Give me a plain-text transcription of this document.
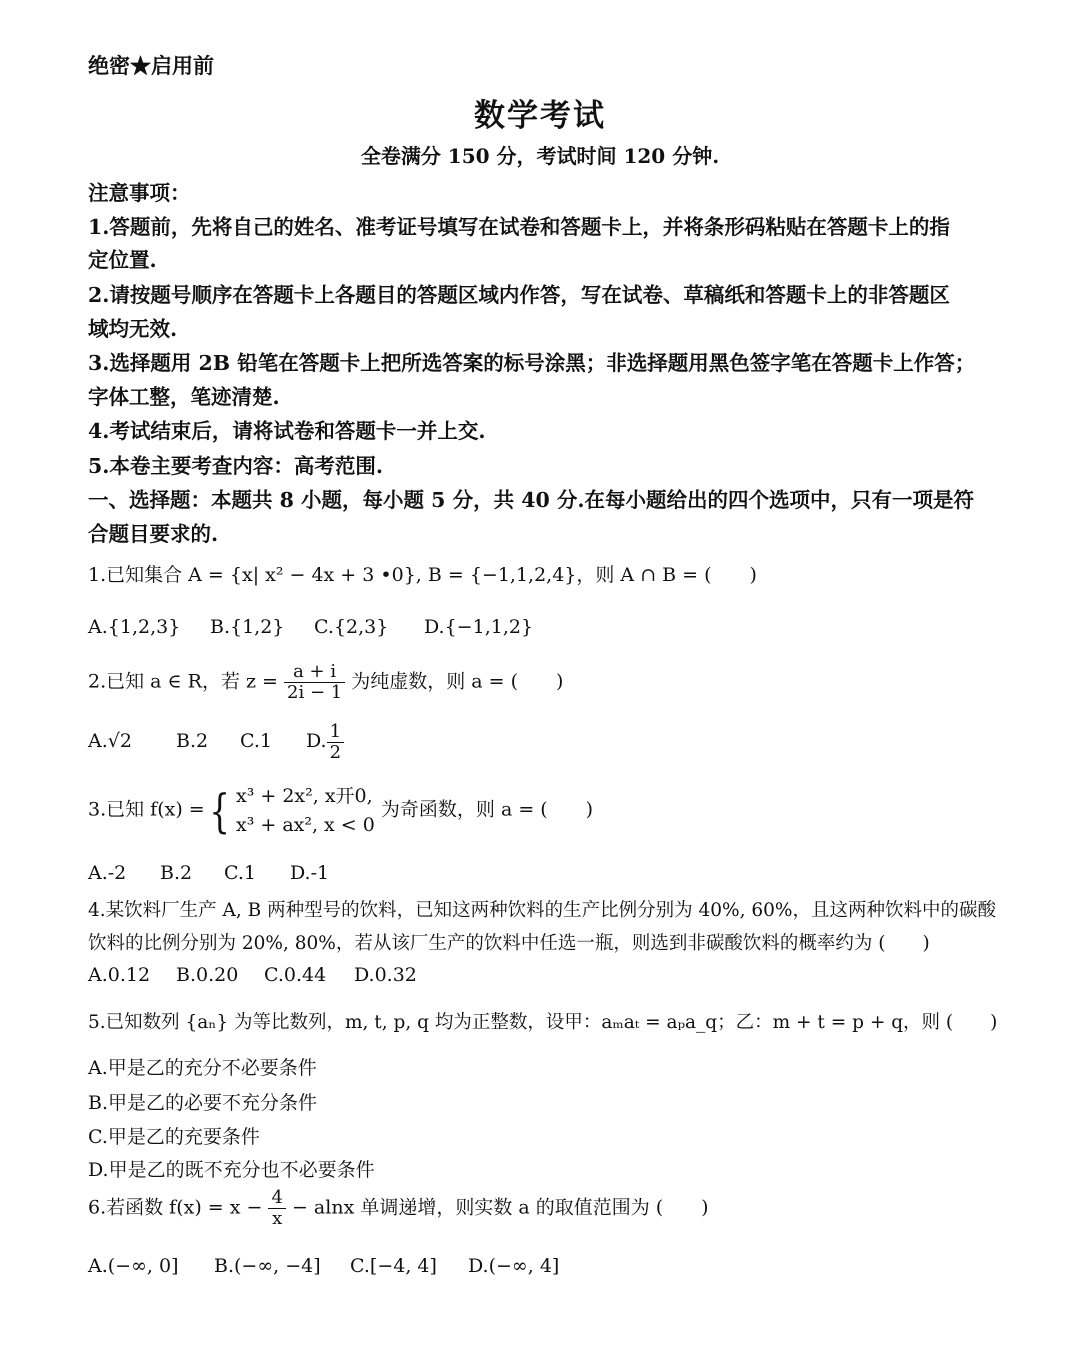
绝密★启用前
数学考试
全卷满分 150 分，考试时间 120 分钟.
注意事项：
1.答题前，先将自己的姓名、准考证号填写在试卷和答题卡上，并将条形码粘贴在答题卡上的指
定位置.
2.请按题号顺序在答题卡上各题目的答题区域内作答，写在试卷、草稿纸和答题卡上的非答题区
域均无效.
3.选择题用 2B 铅笔在答题卡上把所选答案的标号涂黑；非选择题用黑色签字笔在答题卡上作答；
字体工整，笔迹清楚.
4.考试结束后，请将试卷和答题卡一并上交.
5.本卷主要考查内容：高考范围.
一、选择题：本题共 8 小题，每小题 5 分，共 40 分.在每小题给出的四个选项中，只有一项是符
合题目要求的.
1.已知集合 A = {x| x² − 4x + 3 •0}, B = {−1,1,2,4}，则 A ∩ B = (　　)
A.{1,2,3} B.{1,2} C.{2,3} D.{−1,1,2}
2.已知 a ∈ R，若 $z = \frac{a + i}{2i - 1}$ 为纯虚数，则 a = (　　)
A.√2 B.2 C.1 D. $\frac{1}{2}$
3.已知 f(x) ={ x³ + 2x², x开0,
x³ + ax², x < 0
为奇函数，则 a = (　　)
A.-2 B.2 C.1 D.-1
4.某饮料厂生产 A, B 两种型号的饮料，已知这两种饮料的生产比例分别为 40%, 60%，且这两种饮料中的碳酸
饮料的比例分别为 20%, 80%，若从该厂生产的饮料中任选一瓶，则选到非碳酸饮料的概率约为 (　　)
A.0.12 B.0.20 C.0.44 D.0.32
5.已知数列 {aₙ} 为等比数列，m, t, p, q 均为正整数，设甲：aₘaₜ = aₚa_q；乙：m + t = p + q，则 (　　)
A.甲是乙的充分不必要条件
B.甲是乙的必要不充分条件
C.甲是乙的充要条件
D.甲是乙的既不充分也不必要条件
6.若函数 $f(x) = x - \frac{4}{x} - alnx$ 单调递增，则实数 a 的取值范围为 (　　)
A.(−∞, 0] B.(−∞, −4] C.[−4, 4] D.(−∞, 4]
